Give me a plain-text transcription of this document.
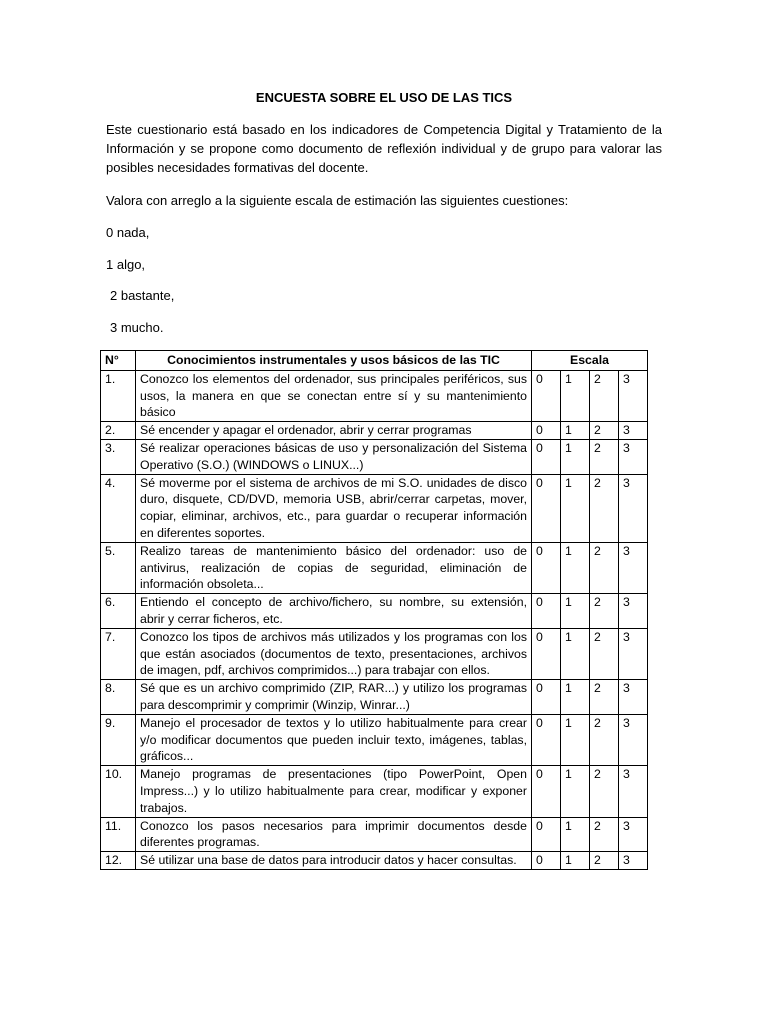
ENCUESTA SOBRE EL USO DE LAS TICS

Este cuestionario está basado en los indicadores de Competencia Digital y Tratamiento de la Información y se propone como documento de reflexión individual y de grupo para valorar las posibles necesidades formativas del docente.

Valora con arreglo a la siguiente escala de estimación las siguientes cuestiones:

0 nada,
1 algo,
2 bastante,
3 mucho.
N°	Conocimientos instrumentales y usos básicos de las TIC	Escala			
1.	Conozco los elementos del ordenador, sus principales periféricos, sus usos, la manera en que se conectan entre sí y su mantenimiento básico	0	1	2	3
2.	Sé encender y apagar el ordenador, abrir y cerrar programas	0	1	2	3
3.	Sé realizar operaciones básicas de uso y personalización del Sistema Operativo (S.O.) (WINDOWS o LINUX...)	0	1	2	3
4.	Sé moverme por el sistema de archivos de mi S.O. unidades de disco duro, disquete, CD/DVD, memoria USB, abrir/cerrar carpetas, mover, copiar, eliminar, archivos, etc., para guardar o recuperar información en diferentes soportes.	0	1	2	3
5.	Realizo tareas de mantenimiento básico del ordenador: uso de antivirus, realización de copias de seguridad, eliminación de información obsoleta...	0	1	2	3
6.	Entiendo el concepto de archivo/fichero, su nombre, su extensión, abrir y cerrar ficheros, etc.	0	1	2	3
7.	Conozco los tipos de archivos más utilizados y los programas con los que están asociados (documentos de texto, presentaciones, archivos de imagen, pdf, archivos comprimidos...) para trabajar con ellos.	0	1	2	3
8.	Sé que es un archivo comprimido (ZIP, RAR...) y utilizo los programas para descomprimir y comprimir (Winzip, Winrar...)	0	1	2	3
9.	Manejo el procesador de textos y lo utilizo habitualmente para crear y/o modificar documentos que pueden incluir texto, imágenes, tablas, gráficos...	0	1	2	3
10.	Manejo programas de presentaciones (tipo PowerPoint, Open Impress...) y lo utilizo habitualmente para crear, modificar y exponer trabajos.	0	1	2	3
11.	Conozco los pasos necesarios para imprimir documentos desde diferentes programas.	0	1	2	3
12.	Sé utilizar una base de datos para introducir datos y hacer consultas.	0	1	2	3
